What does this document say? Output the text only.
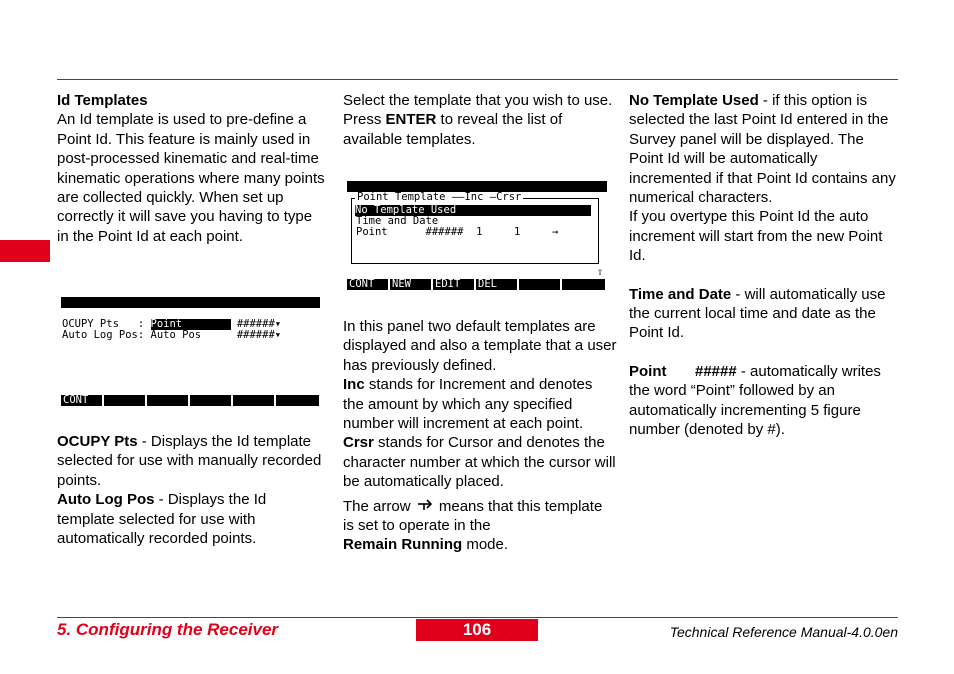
Id Templates

An Id template is used to pre-define a Point Id. This feature is mainly used in post-processed kinematic and real-time kinematic operations where many points are collected quickly. When set up correctly it will save you having to type in the Point Id at each point.

OCUPY Pts   : Point	######▾
Auto Log Pos: Auto Pos	######▾
CONT

OCUPY Pts - Displays the Id template selected for use with manually recorded points.

Auto Log Pos - Displays the Id template selected for use with automatically recorded points.

Select the template that you wish to use. Press ENTER to reveal the list of available templates.

Point Template ——Inc —Crsr
No Template Used
Time and Date
Point      ######  1     1     →
⇧
CONT	NEW	EDIT	DEL

In this panel two default templates are displayed and also a template that a user has previously defined.

Inc stands for Increment and denotes the amount by which any specified number will increment at each point.

Crsr stands for Cursor and denotes the character number at which the cursor will be automatically placed.

The arrow  means that this template is set to operate in the
Remain Running mode.

No Template Used - if this option is selected the last Point Id entered in the Survey panel will be displayed. The Point Id will be automatically incremented if that Point Id contains any numerical characters.

If you overtype this Point Id the auto increment will start from the new Point Id.

Time and Date - will automatically use the current local time and date as the Point Id.

Point ##### - automatically writes the word “Point” followed by an automatically incrementing 5 figure number (denoted by #).

5. Configuring the Receiver	106	Technical Reference Manual-4.0.0en
